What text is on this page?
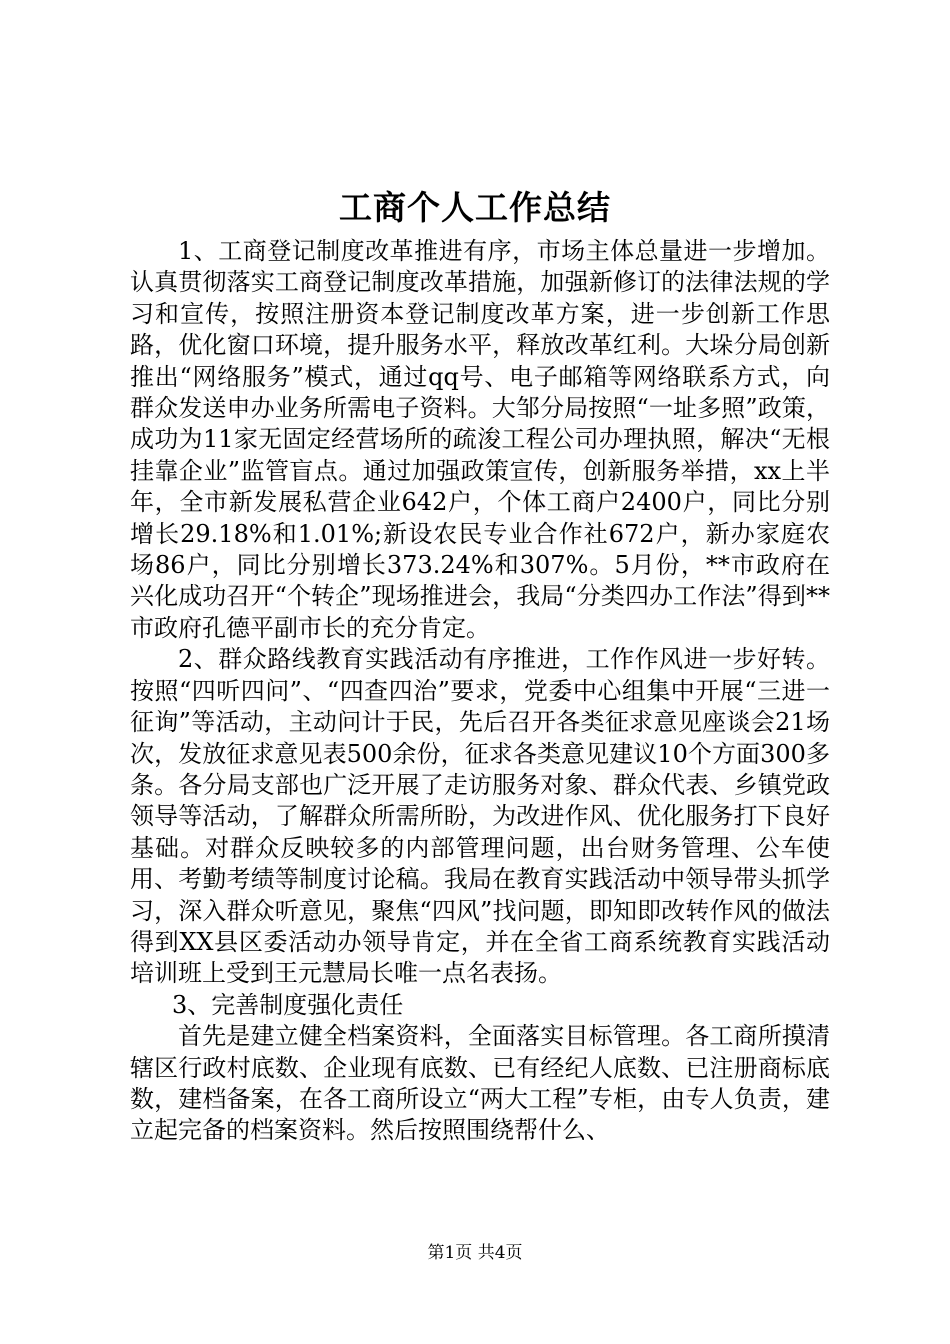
工商个人工作总结

1、工商登记制度改革推进有序，市场主体总量进一步增加。认真贯彻落实工商登记制度改革措施，加强新修订的法律法规的学习和宣传，按照注册资本登记制度改革方案，进一步创新工作思路，优化窗口环境，提升服务水平，释放改革红利。大垛分局创新推出“网络服务”模式，通过qq号、电子邮箱等网络联系方式，向群众发送申办业务所需电子资料。大邹分局按照“一址多照”政策，成功为11家无固定经营场所的疏浚工程公司办理执照，解决“无根挂靠企业”监管盲点。通过加强政策宣传，创新服务举措，xx上半年，全市新发展私营企业642户，个体工商户2400户，同比分别增长29.18%和1.01%;新设农民专业合作社672户，新办家庭农场86户，同比分别增长373.24%和307%。5月份，**市政府在兴化成功召开“个转企”现场推进会，我局“分类四办工作法”得到**市政府孔德平副市长的充分肯定。

2、群众路线教育实践活动有序推进，工作作风进一步好转。按照“四听四问”、“四查四治”要求，党委中心组集中开展“三进一征询”等活动，主动问计于民，先后召开各类征求意见座谈会21场次，发放征求意见表500余份，征求各类意见建议10个方面300多条。各分局支部也广泛开展了走访服务对象、群众代表、乡镇党政领导等活动，了解群众所需所盼，为改进作风、优化服务打下良好基础。对群众反映较多的内部管理问题，出台财务管理、公车使用、考勤考绩等制度讨论稿。我局在教育实践活动中领导带头抓学习，深入群众听意见，聚焦“四风”找问题，即知即改转作风的做法得到XX县区委活动办领导肯定，并在全省工商系统教育实践活动培训班上受到王元慧局长唯一点名表扬。

3、完善制度强化责任

首先是建立健全档案资料，全面落实目标管理。各工商所摸清辖区行政村底数、企业现有底数、已有经纪人底数、已注册商标底数，建档备案，在各工商所设立“两大工程”专柜，由专人负责，建立起完备的档案资料。然后按照围绕帮什么、

第1页 共4页
